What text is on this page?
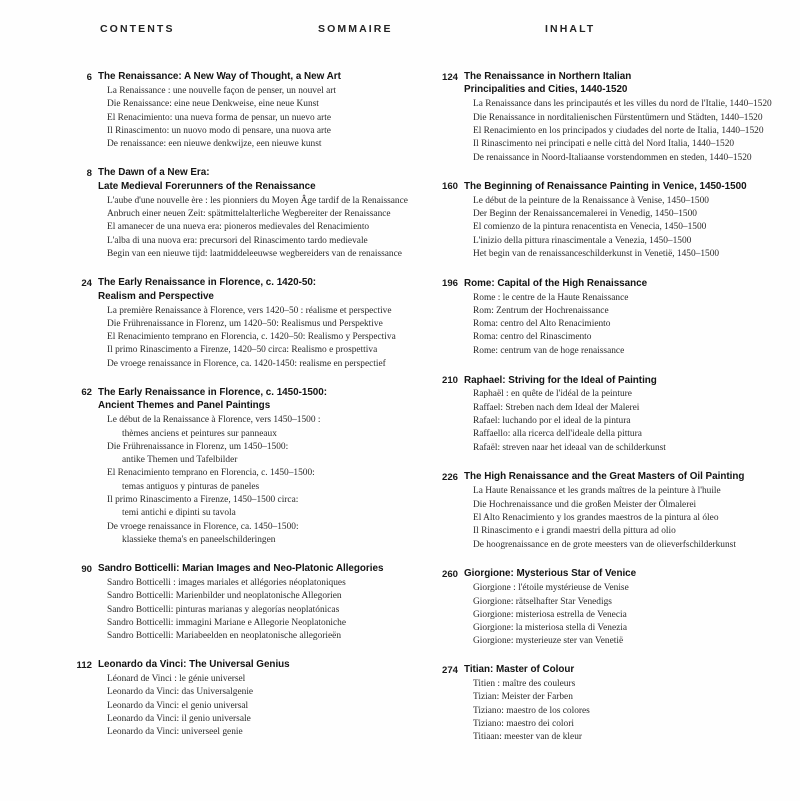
CONTENTS	SOMMAIRE	INHALT
6 The Renaissance: A New Way of Thought, a New Art
La Renaissance : une nouvelle façon de penser, un nouvel art
Die Renaissance: eine neue Denkweise, eine neue Kunst
El Renacimiento: una nueva forma de pensar, un nuevo arte
Il Rinascimento: un nuovo modo di pensare, una nuova arte
De renaissance: een nieuwe denkwijze, een nieuwe kunst
8 The Dawn of a New Era:
Late Medieval Forerunners of the Renaissance
L'aube d'une nouvelle ère : les pionniers du Moyen Âge tardif de la Renaissance
Anbruch einer neuen Zeit: spätmittelalterliche Wegbereiter der Renaissance
El amanecer de una nueva era: pioneros medievales del Renacimiento
L'alba di una nuova era: precursori del Rinascimento tardo medievale
Begin van een nieuwe tijd: laatmiddeleeuwse wegbereiders van de renaissance
24 The Early Renaissance in Florence, c. 1420-50:
Realism and Perspective
La première Renaissance à Florence, vers 1420–50 : réalisme et perspective
Die Frührenaissance in Florenz, um 1420–50: Realismus und Perspektive
El Renacimiento temprano en Florencia, c. 1420–50: Realismo y Perspectiva
Il primo Rinascimento a Firenze, 1420–50 circa: Realismo e prospettiva
De vroege renaissance in Florence, ca. 1420-1450: realisme en perspectief
62 The Early Renaissance in Florence, c. 1450-1500:
Ancient Themes and Panel Paintings
Le début de la Renaissance à Florence, vers 1450–1500 :
thèmes anciens et peintures sur panneaux
Die Frührenaissance in Florenz, um 1450–1500:
antike Themen und Tafelbilder
El Renacimiento temprano en Florencia, c. 1450–1500:
temas antiguos y pinturas de paneles
Il primo Rinascimento a Firenze, 1450–1500 circa:
temi antichi e dipinti su tavola
De vroege renaissance in Florence, ca. 1450–1500:
klassieke thema's en paneelschilderingen
90 Sandro Botticelli: Marian Images and Neo-Platonic Allegories
Sandro Botticelli : images mariales et allégories néoplatoniques
Sandro Botticelli: Marienbilder und neoplatonische Allegorien
Sandro Botticelli: pinturas marianas y alegorías neoplatónicas
Sandro Botticelli: immagini Mariane e Allegorie Neoplatoniche
Sandro Botticelli: Mariabeelden en neoplatonische allegorieën
112 Leonardo da Vinci: The Universal Genius
Léonard de Vinci : le génie universel
Leonardo da Vinci: das Universalgenie
Leonardo da Vinci: el genio universal
Leonardo da Vinci: il genio universale
Leonardo da Vinci: universeel genie
124 The Renaissance in Northern Italian
Principalities and Cities, 1440-1520
La Renaissance dans les principautés et les villes du nord de l'Italie, 1440–1520
Die Renaissance in norditalienischen Fürstentümern und Städten, 1440–1520
El Renacimiento en los principados y ciudades del norte de Italia, 1440–1520
Il Rinascimento nei principati e nelle città del Nord Italia, 1440–1520
De renaissance in Noord-Italiaanse vorstendommen en steden, 1440–1520
160 The Beginning of Renaissance Painting in Venice, 1450-1500
Le début de la peinture de la Renaissance à Venise, 1450–1500
Der Beginn der Renaissancemalerei in Venedig, 1450–1500
El comienzo de la pintura renacentista en Venecia, 1450–1500
L'inizio della pittura rinascimentale a Venezia, 1450–1500
Het begin van de renaissanceschilderkunst in Venetië, 1450–1500
196 Rome: Capital of the High Renaissance
Rome : le centre de la Haute Renaissance
Rom: Zentrum der Hochrenaissance
Roma: centro del Alto Renacimiento
Roma: centro del Rinascimento
Rome: centrum van de hoge renaissance
210 Raphael: Striving for the Ideal of Painting
Raphaël : en quête de l'idéal de la peinture
Raffael: Streben nach dem Ideal der Malerei
Rafael: luchando por el ideal de la pintura
Raffaello: alla ricerca dell'ideale della pittura
Rafaël: streven naar het ideaal van de schilderkunst
226 The High Renaissance and the Great Masters of Oil Painting
La Haute Renaissance et les grands maîtres de la peinture à l'huile
Die Hochrenaissance und die großen Meister der Ölmalerei
El Alto Renacimiento y los grandes maestros de la pintura al óleo
Il Rinascimento e i grandi maestri della pittura ad olio
De hoogrenaissance en de grote meesters van de olieverfschilderkunst
260 Giorgione: Mysterious Star of Venice
Giorgione : l'étoile mystérieuse de Venise
Giorgione: rätselhafter Star Venedigs
Giorgione: misteriosa estrella de Venecia
Giorgione: la misteriosa stella di Venezia
Giorgione: mysterieuze ster van Venetië
274 Titian: Master of Colour
Titien : maître des couleurs
Tizian: Meister der Farben
Tiziano: maestro de los colores
Tiziano: maestro dei colori
Titiaan: meester van de kleur
